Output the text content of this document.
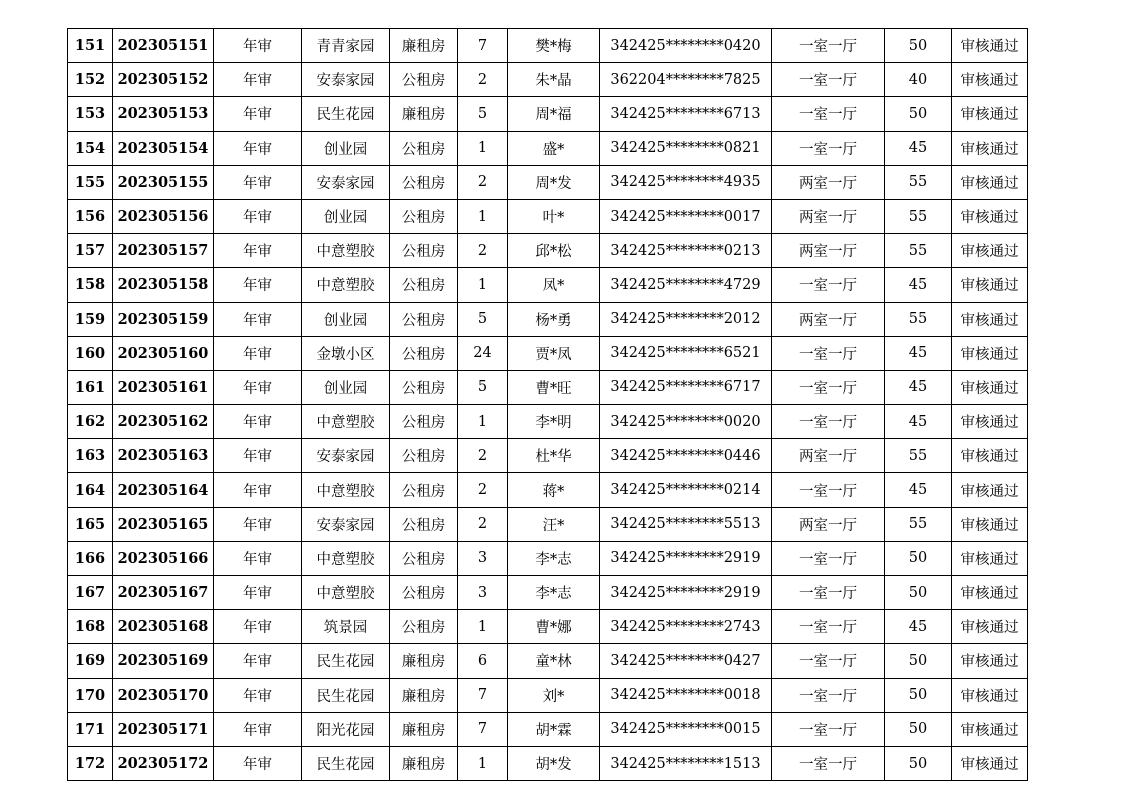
151	202305151	年审	青青家园	廉租房	7	樊*梅	342425********0420	一室一厅	50	审核通过
152	202305152	年审	安泰家园	公租房	2	朱*晶	362204********7825	一室一厅	40	审核通过
153	202305153	年审	民生花园	廉租房	5	周*福	342425********6713	一室一厅	50	审核通过
154	202305154	年审	创业园	公租房	1	盛*	342425********0821	一室一厅	45	审核通过
155	202305155	年审	安泰家园	公租房	2	周*发	342425********4935	两室一厅	55	审核通过
156	202305156	年审	创业园	公租房	1	叶*	342425********0017	两室一厅	55	审核通过
157	202305157	年审	中意塑胶	公租房	2	邱*松	342425********0213	两室一厅	55	审核通过
158	202305158	年审	中意塑胶	公租房	1	凤*	342425********4729	一室一厅	45	审核通过
159	202305159	年审	创业园	公租房	5	杨*勇	342425********2012	两室一厅	55	审核通过
160	202305160	年审	金墩小区	公租房	24	贾*凤	342425********6521	一室一厅	45	审核通过
161	202305161	年审	创业园	公租房	5	曹*旺	342425********6717	一室一厅	45	审核通过
162	202305162	年审	中意塑胶	公租房	1	李*明	342425********0020	一室一厅	45	审核通过
163	202305163	年审	安泰家园	公租房	2	杜*华	342425********0446	两室一厅	55	审核通过
164	202305164	年审	中意塑胶	公租房	2	蒋*	342425********0214	一室一厅	45	审核通过
165	202305165	年审	安泰家园	公租房	2	汪*	342425********5513	两室一厅	55	审核通过
166	202305166	年审	中意塑胶	公租房	3	李*志	342425********2919	一室一厅	50	审核通过
167	202305167	年审	中意塑胶	公租房	3	李*志	342425********2919	一室一厅	50	审核通过
168	202305168	年审	筑景园	公租房	1	曹*娜	342425********2743	一室一厅	45	审核通过
169	202305169	年审	民生花园	廉租房	6	童*林	342425********0427	一室一厅	50	审核通过
170	202305170	年审	民生花园	廉租房	7	刘*	342425********0018	一室一厅	50	审核通过
171	202305171	年审	阳光花园	廉租房	7	胡*霖	342425********0015	一室一厅	50	审核通过
172	202305172	年审	民生花园	廉租房	1	胡*发	342425********1513	一室一厅	50	审核通过
